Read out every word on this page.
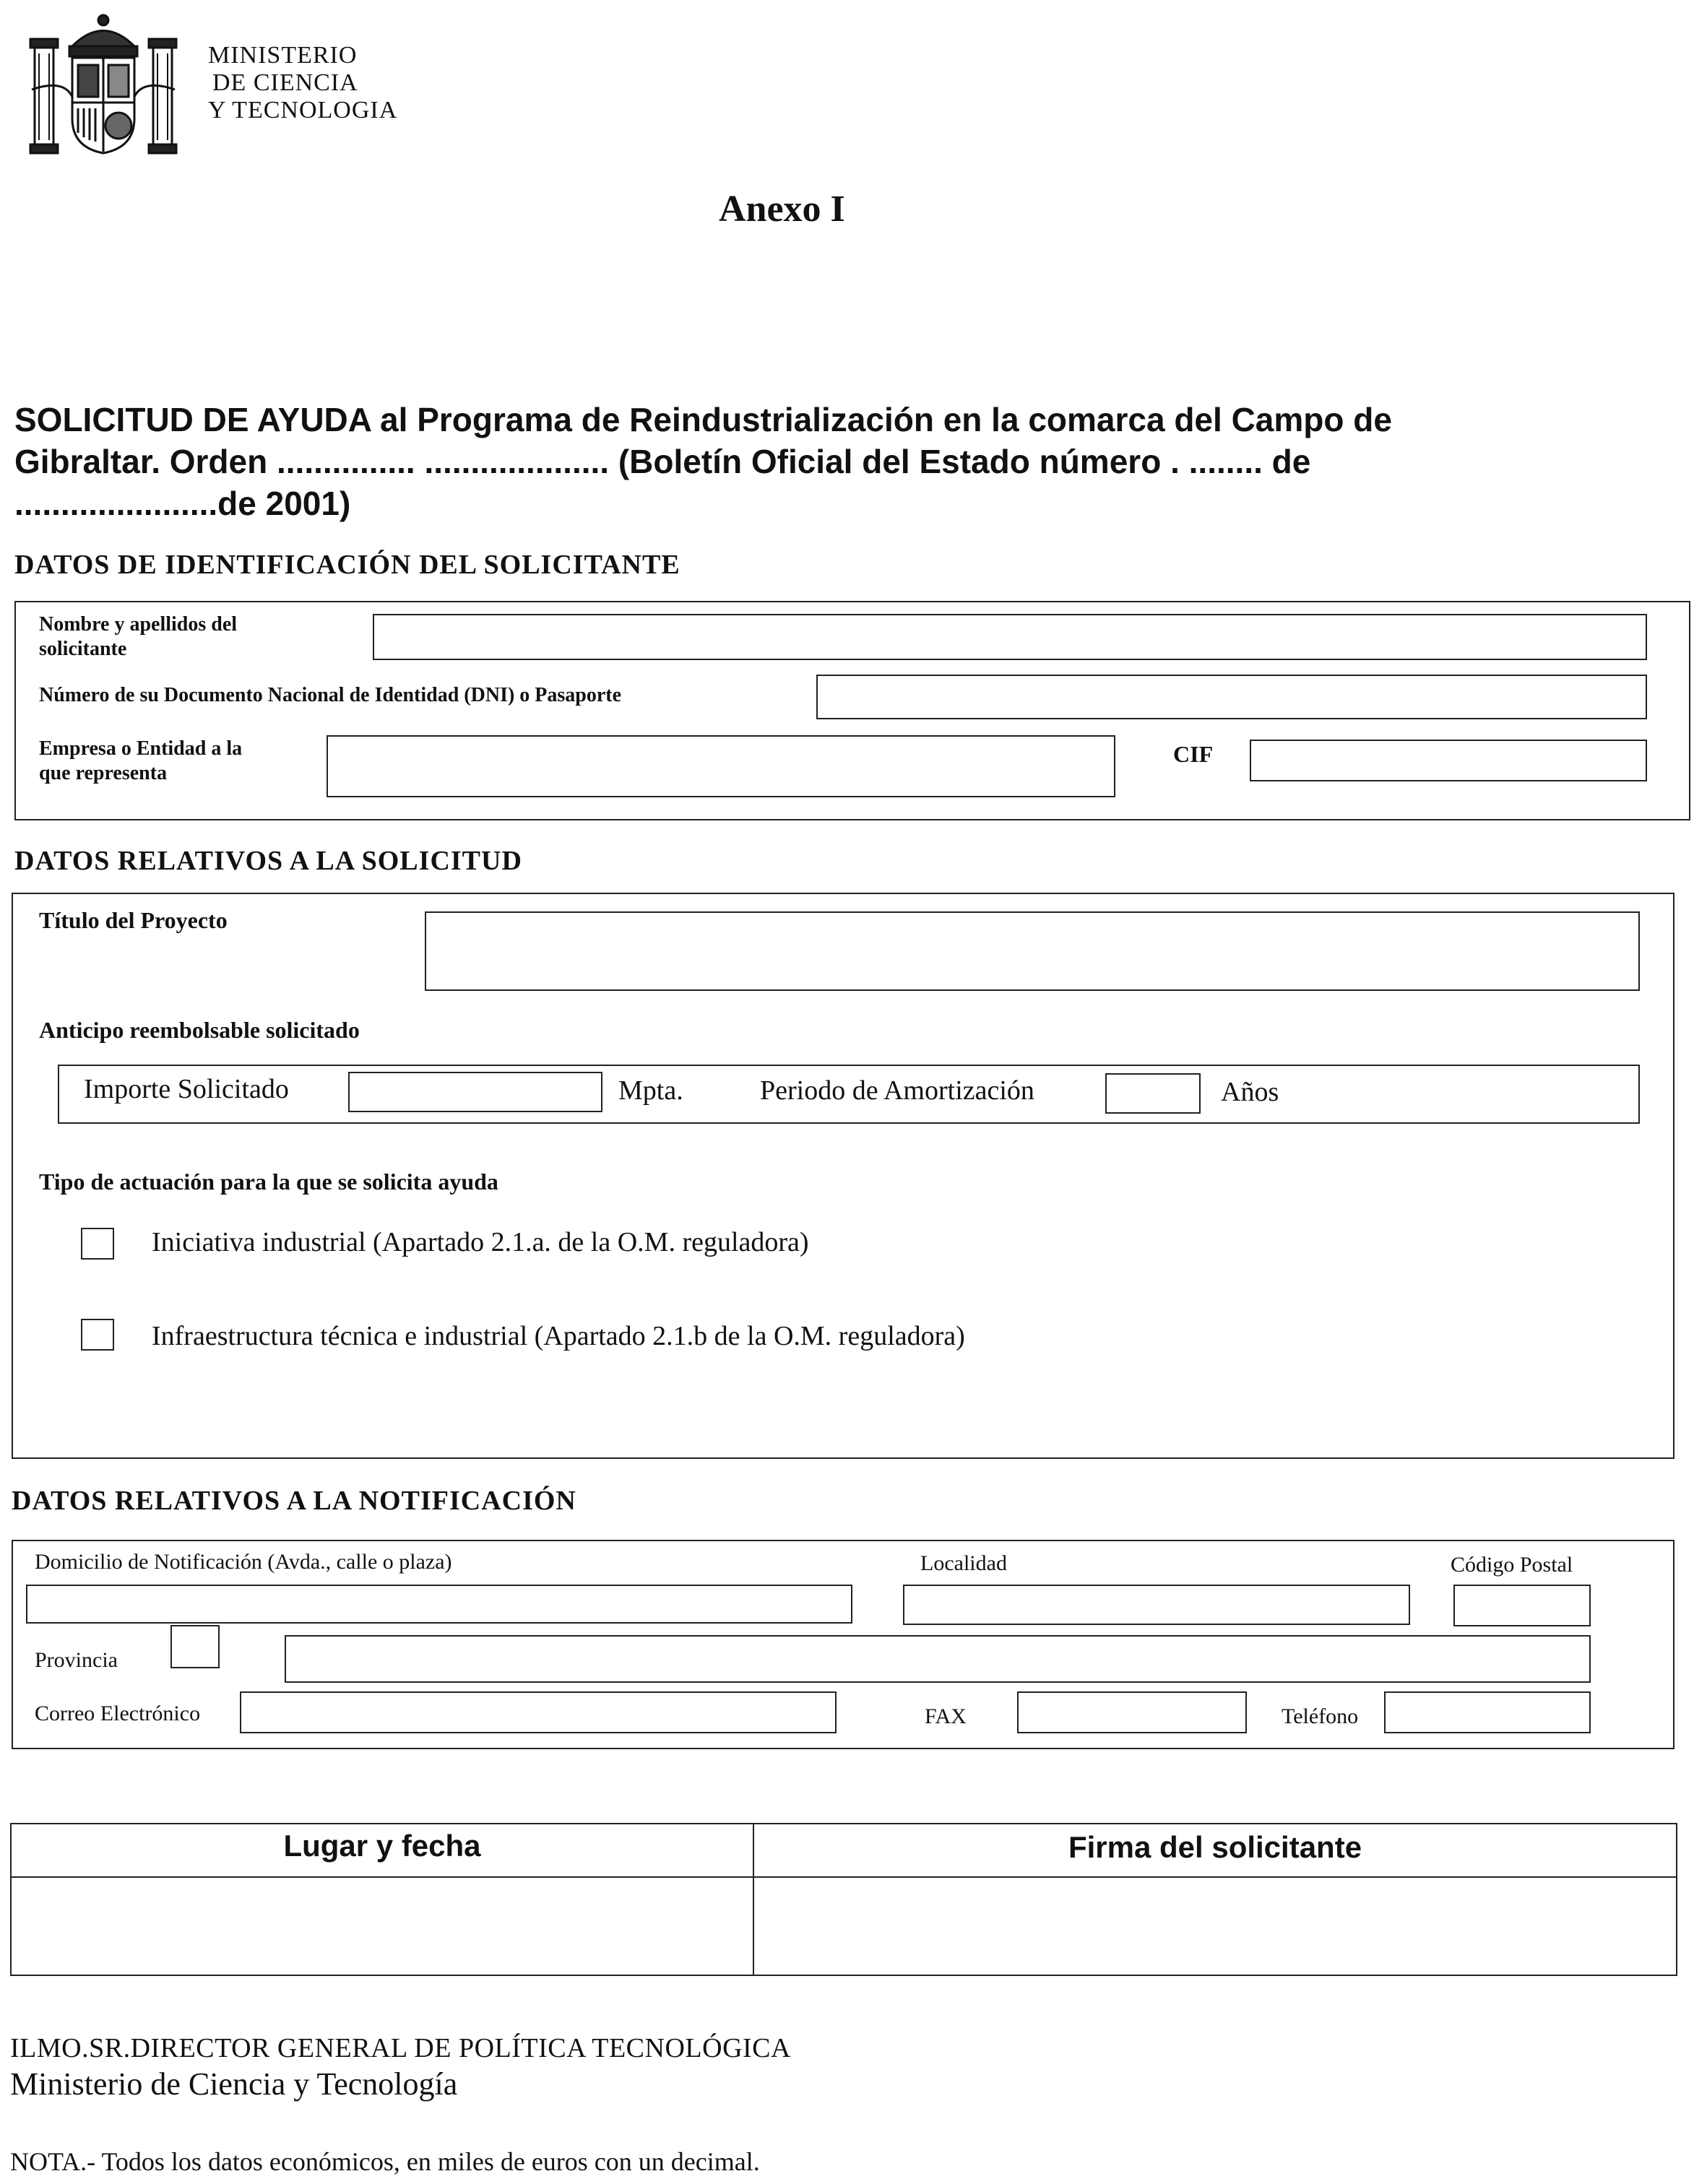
MINISTERIO
DE CIENCIA
Y TECNOLOGIA
Anexo I
SOLICITUD DE AYUDA al Programa de Reindustrialización en la comarca del Campo de
Gibraltar. Orden ............... .................... (Boletín Oficial del Estado número . ........ de
......................de 2001)
DATOS DE IDENTIFICACIÓN DEL SOLICITANTE
Nombre y apellidos del
solicitante
Número de su Documento Nacional de Identidad (DNI) o Pasaporte
Empresa o Entidad a la
que representa
CIF
DATOS RELATIVOS A LA SOLICITUD
Título del Proyecto
Anticipo reembolsable solicitado
Importe Solicitado	Mpta.	Periodo de Amortización	Años
Tipo de actuación para la que se solicita ayuda
Iniciativa industrial (Apartado 2.1.a. de la O.M. reguladora)
Infraestructura técnica e industrial (Apartado 2.1.b de la O.M. reguladora)
DATOS RELATIVOS A LA NOTIFICACIÓN
Domicilio de Notificación (Avda., calle o plaza)	Localidad	Código Postal
Provincia
Correo Electrónico	FAX	Teléfono
Lugar y fecha	Firma del solicitante
ILMO.SR.DIRECTOR GENERAL DE POLÍTICA TECNOLÓGICA
Ministerio de Ciencia y Tecnología
NOTA.- Todos los datos económicos, en miles de euros con un decimal.
